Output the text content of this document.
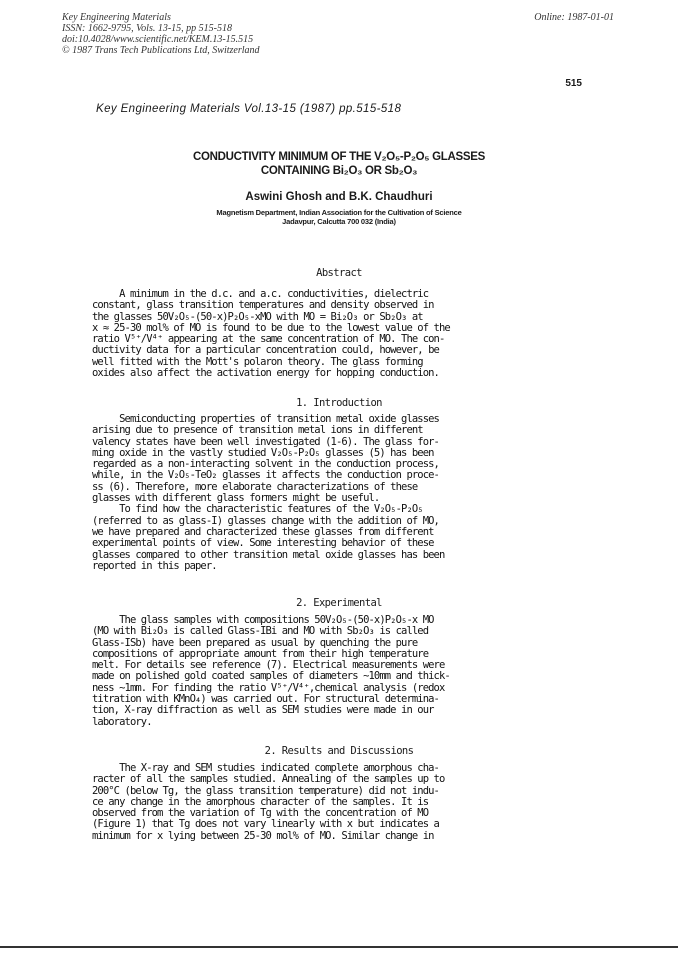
Key Engineering Materials
ISSN: 1662-9795, Vols. 13-15, pp 515-518
doi:10.4028/www.scientific.net/KEM.13-15.515
© 1987 Trans Tech Publications Ltd, Switzerland
Online: 1987-01-01
515
Key Engineering Materials Vol.13-15 (1987) pp.515-518
CONDUCTIVITY MINIMUM OF THE V₂O₅-P₂O₅ GLASSES
CONTAINING Bi₂O₃ OR Sb₂O₃
Aswini Ghosh and B.K. Chaudhuri
Magnetism Department, Indian Association for the Cultivation of Science
Jadavpur, Calcutta 700 032 (India)
Abstract
A minimum in the d.c. and a.c. conductivities, dielectric
constant, glass transition temperatures and density observed in
the glasses 50V₂O₅-(50-x)P₂O₅-xMO with MO = Bi₂O₃ or Sb₂O₃ at
x ≈ 25-30 mol% of MO is found to be due to the lowest value of the
ratio V⁵⁺/V⁴⁺ appearing at the same concentration of MO. The con-
ductivity data for a particular concentration could, however, be
well fitted with the Mott's polaron theory. The glass forming
oxides also affect the activation energy for hopping conduction.
1. Introduction
Semiconducting properties of transition metal oxide glasses
arising due to presence of transition metal ions in different
valency states have been well investigated (1-6). The glass for-
ming oxide in the vastly studied V₂O₅-P₂O₅ glasses (5) has been
regarded as a non-interacting solvent in the conduction process,
while, in the V₂O₅-TeO₂ glasses it affects the conduction proce-
ss (6). Therefore, more elaborate characterizations of these
glasses with different glass formers might be useful.
To find how the characteristic features of the V₂O₅-P₂O₅
(referred to as glass-I) glasses change with the addition of MO,
we have prepared and characterized these glasses from different
experimental points of view. Some interesting behavior of these
glasses compared to other transition metal oxide glasses has been
reported in this paper.
2. Experimental
The glass samples with compositions 50V₂O₅-(50-x)P₂O₅-x MO
(MO with Bi₂O₃ is called Glass-IBi and MO with Sb₂O₃ is called
Glass-ISb) have been prepared as usual by quenching the pure
compositions of appropriate amount from their high temperature
melt. For details see reference (7). Electrical measurements were
made on polished gold coated samples of diameters ~10mm and thick-
ness ~1mm. For finding the ratio V⁵⁺/V⁴⁺,chemical analysis (redox
titration with KMnO₄) was carried out. For structural determina-
tion, X-ray diffraction as well as SEM studies were made in our
laboratory.
2. Results and Discussions
The X-ray and SEM studies indicated complete amorphous cha-
racter of all the samples studied. Annealing of the samples up to
200°C (below Tg, the glass transition temperature) did not indu-
ce any change in the amorphous character of the samples. It is
observed from the variation of Tg with the concentration of MO
(Figure 1) that Tg does not vary linearly with x but indicates a
minimum for x lying between 25-30 mol% of MO. Similar change in
